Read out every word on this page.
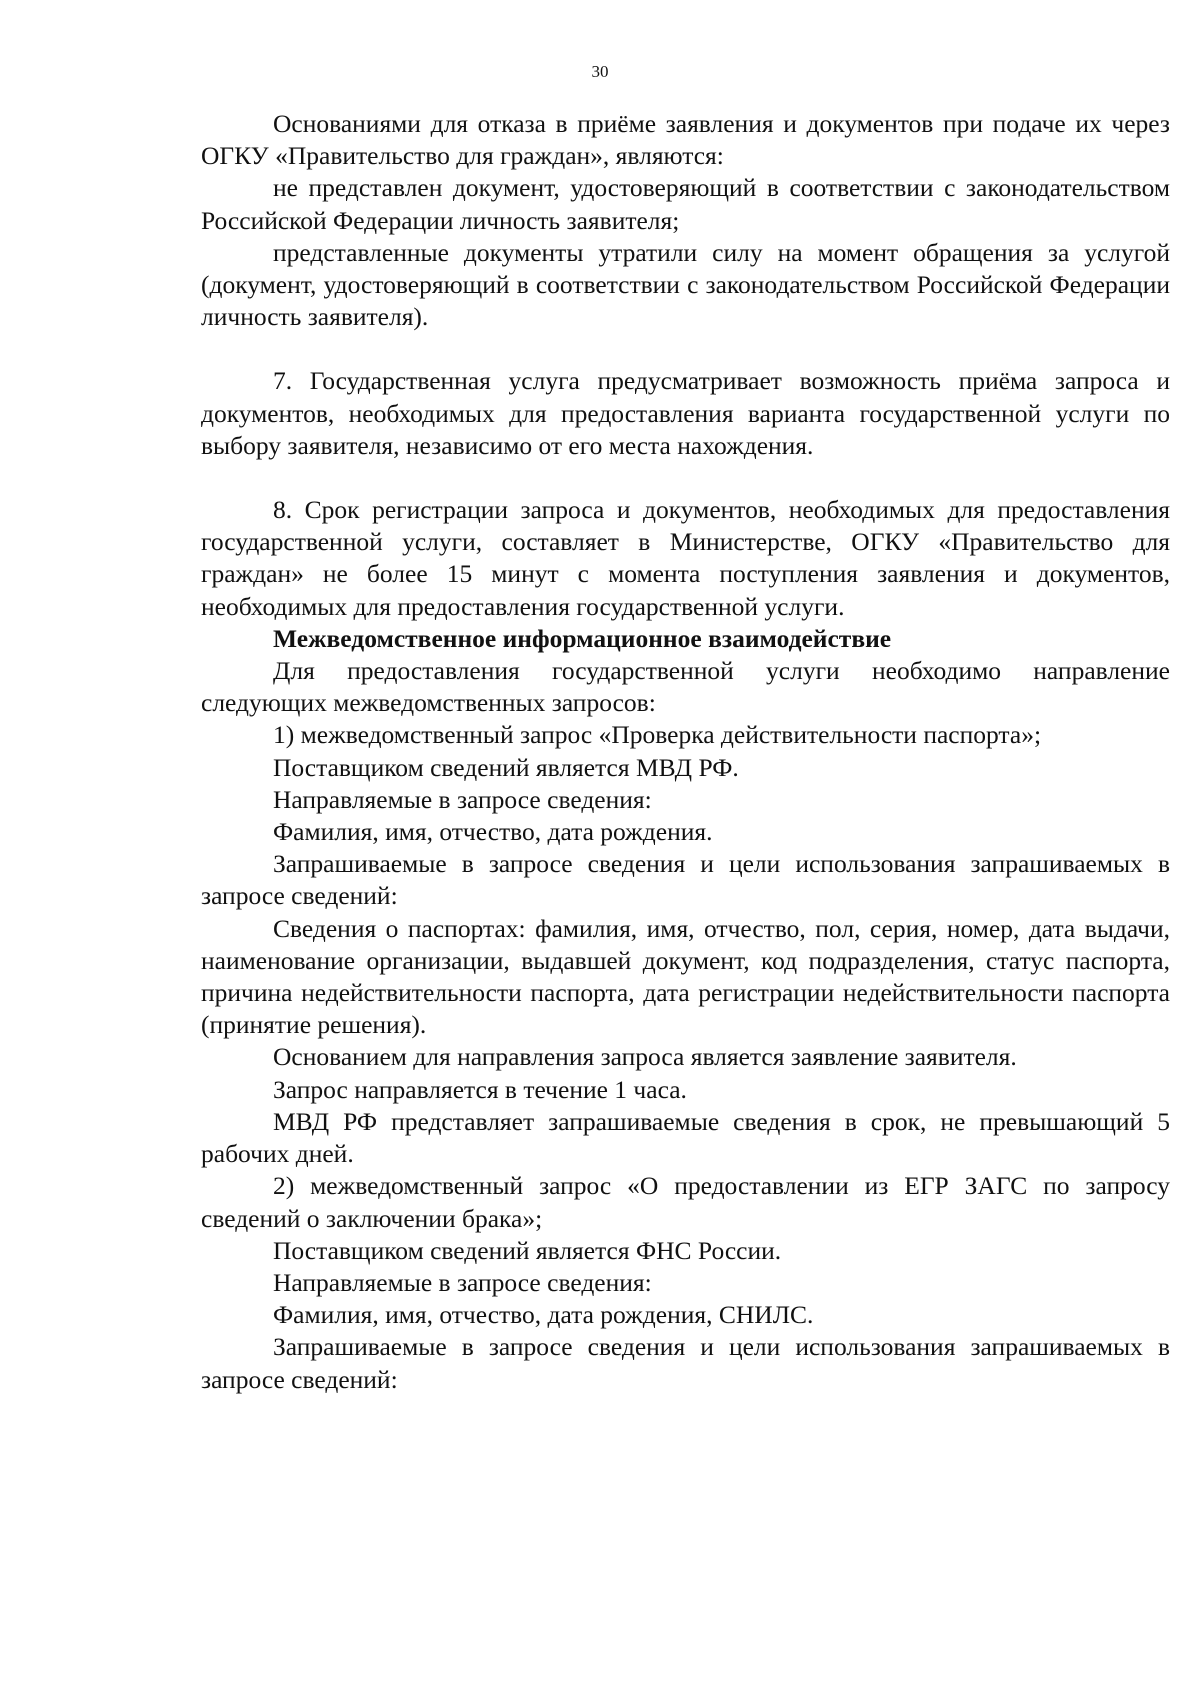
30

Основаниями для отказа в приёме заявления и документов при подаче их через ОГКУ «Правительство для граждан», являются:

не представлен документ, удостоверяющий в соответствии с законодательством Российской Федерации личность заявителя;

представленные документы утратили силу на момент обращения за услугой (документ, удостоверяющий в соответствии с законодательством Российской Федерации личность заявителя).

7. Государственная услуга предусматривает возможность приёма запроса и документов, необходимых для предоставления варианта государственной услуги по выбору заявителя, независимо от его места нахождения.

8. Срок регистрации запроса и документов, необходимых для предоставления государственной услуги, составляет в Министерстве, ОГКУ «Правительство для граждан» не более 15 минут с момента поступления заявления и документов, необходимых для предоставления государственной услуги.

Межведомственное информационное взаимодействие

Для предоставления государственной услуги необходимо направление следующих межведомственных запросов:

1) межведомственный запрос «Проверка действительности паспорта»;

Поставщиком сведений является МВД РФ.

Направляемые в запросе сведения:

Фамилия, имя, отчество, дата рождения.

Запрашиваемые в запросе сведения и цели использования запрашиваемых в запросе сведений:

Сведения о паспортах: фамилия, имя, отчество, пол, серия, номер, дата выдачи, наименование организации, выдавшей документ, код подразделения, статус паспорта, причина недействительности паспорта, дата регистрации недействительности паспорта (принятие решения).

Основанием для направления запроса является заявление заявителя.

Запрос направляется в течение 1 часа.

МВД РФ представляет запрашиваемые сведения в срок, не превышающий 5 рабочих дней.

2) межведомственный запрос «О предоставлении из ЕГР ЗАГС по запросу сведений о заключении брака»;

Поставщиком сведений является ФНС России.

Направляемые в запросе сведения:

Фамилия, имя, отчество, дата рождения, СНИЛС.

Запрашиваемые в запросе сведения и цели использования запрашиваемых в запросе сведений:
